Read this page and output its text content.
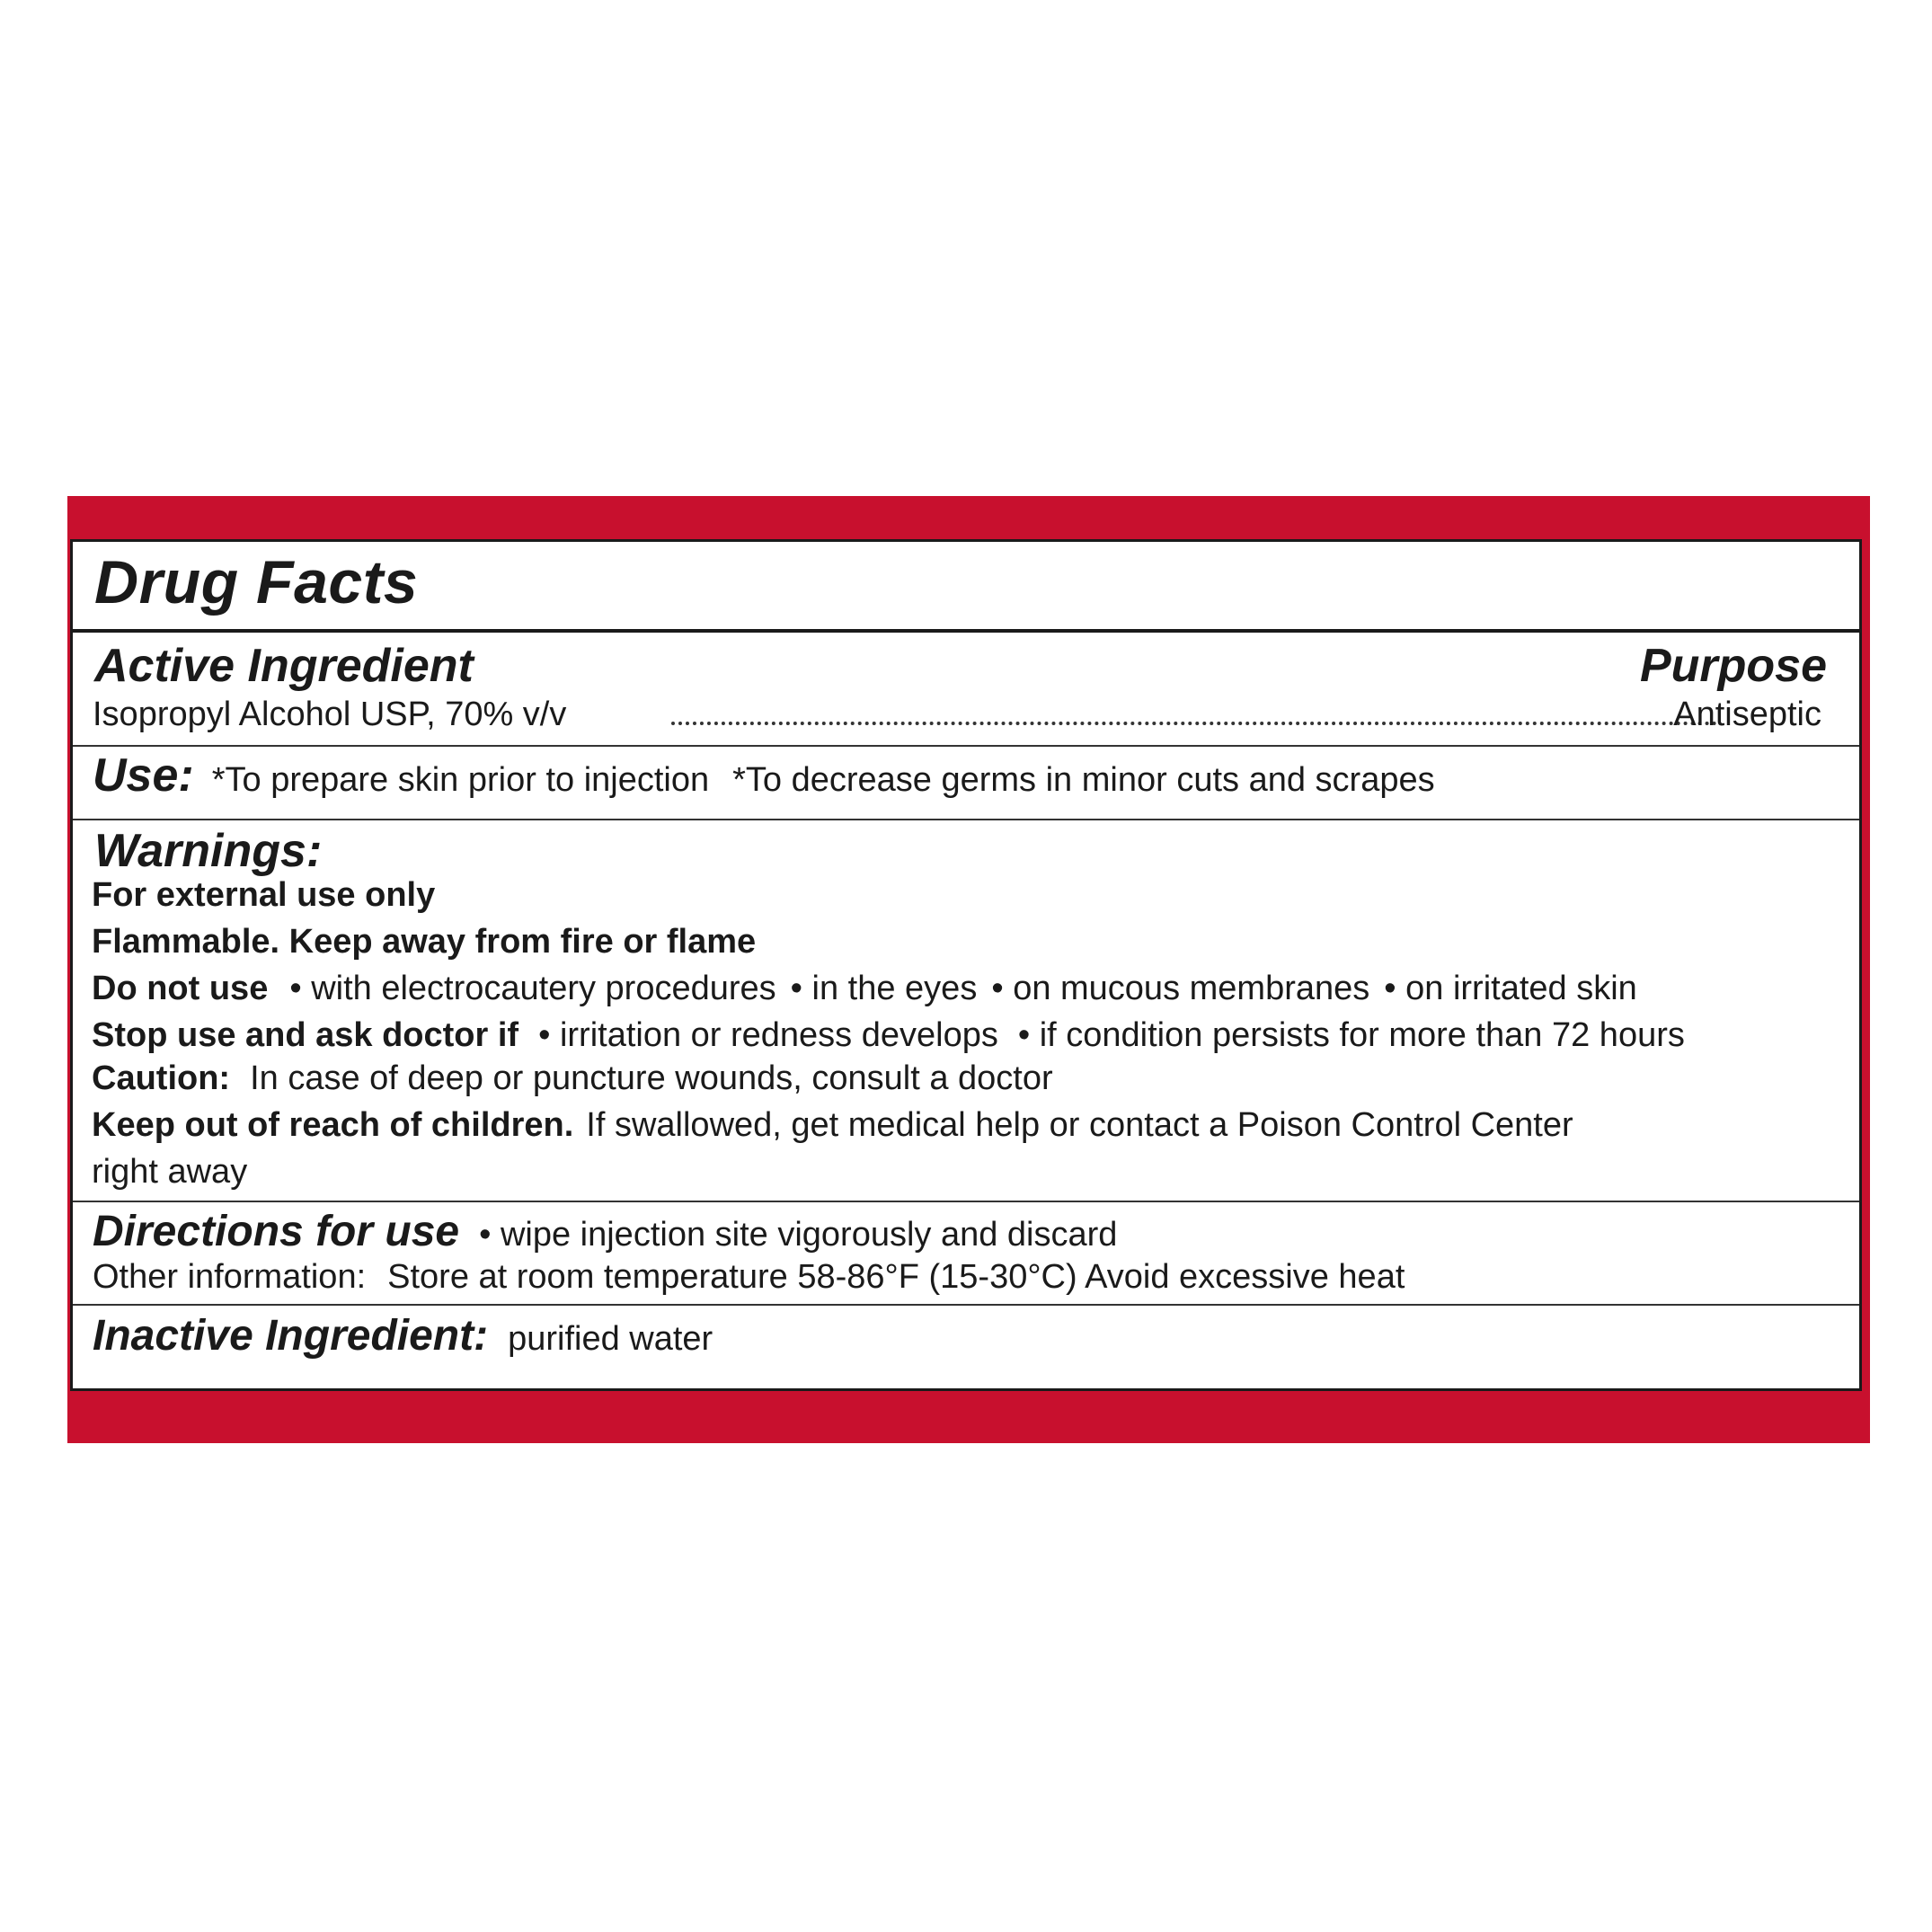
Drug Facts
Active Ingredient	Purpose
Isopropyl Alcohol USP, 70% v/v	Antiseptic
Use: *To prepare skin prior to injection *To decrease germs in minor cuts and scrapes
Warnings:
For external use only
Flammable. Keep away from fire or flame
Do not use • with electrocautery procedures • in the eyes • on mucous membranes • on irritated skin
Stop use and ask doctor if • irritation or redness develops • if condition persists for more than 72 hours
Caution: In case of deep or puncture wounds, consult a doctor
Keep out of reach of children. If swallowed, get medical help or contact a Poison Control Center
right away
Directions for use • wipe injection site vigorously and discard
Other information: Store at room temperature 58-86°F (15-30°C) Avoid excessive heat
Inactive Ingredient: purified water
